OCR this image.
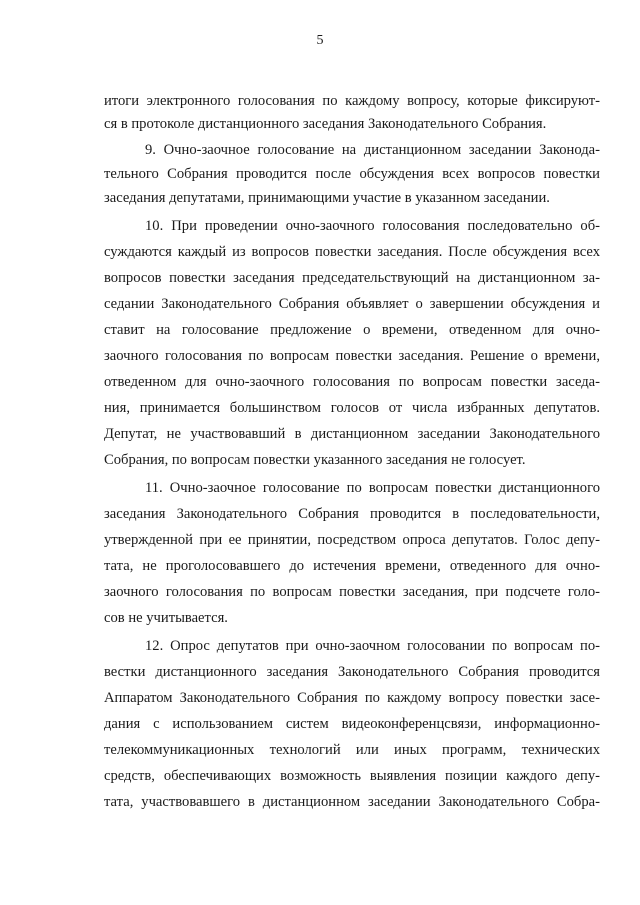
5
итоги электронного голосования по каждому вопросу, которые фиксируют-
ся в протоколе дистанционного заседания Законодательного Собрания.
9. Очно-заочное голосование на дистанционном заседании Законода-
тельного Собрания проводится после обсуждения всех вопросов повестки
заседания депутатами, принимающими участие в указанном заседании.
10. При проведении очно-заочного голосования последовательно об-
суждаются каждый из вопросов повестки заседания. После обсуждения всех
вопросов повестки заседания председательствующий на дистанционном за-
седании Законодательного Собрания объявляет о завершении обсуждения и
ставит на голосование предложение о времени, отведенном для очно-
заочного голосования по вопросам повестки заседания. Решение о времени,
отведенном для очно-заочного голосования по вопросам повестки заседа-
ния, принимается большинством голосов от числа избранных депутатов.
Депутат, не участвовавший в дистанционном заседании Законодательного
Собрания, по вопросам повестки указанного заседания не голосует.
11. Очно-заочное голосование по вопросам повестки дистанционного
заседания Законодательного Собрания проводится в последовательности,
утвержденной при ее принятии, посредством опроса депутатов. Голос депу-
тата, не проголосовавшего до истечения времени, отведенного для очно-
заочного голосования по вопросам повестки заседания, при подсчете голо-
сов не учитывается.
12. Опрос депутатов при очно-заочном голосовании по вопросам по-
вестки дистанционного заседания Законодательного Собрания проводится
Аппаратом Законодательного Собрания по каждому вопросу повестки засе-
дания с использованием систем видеоконференцсвязи, информационно-
телекоммуникационных технологий или иных программ, технических
средств, обеспечивающих возможность выявления позиции каждого депу-
тата, участвовавшего в дистанционном заседании Законодательного Собра-
